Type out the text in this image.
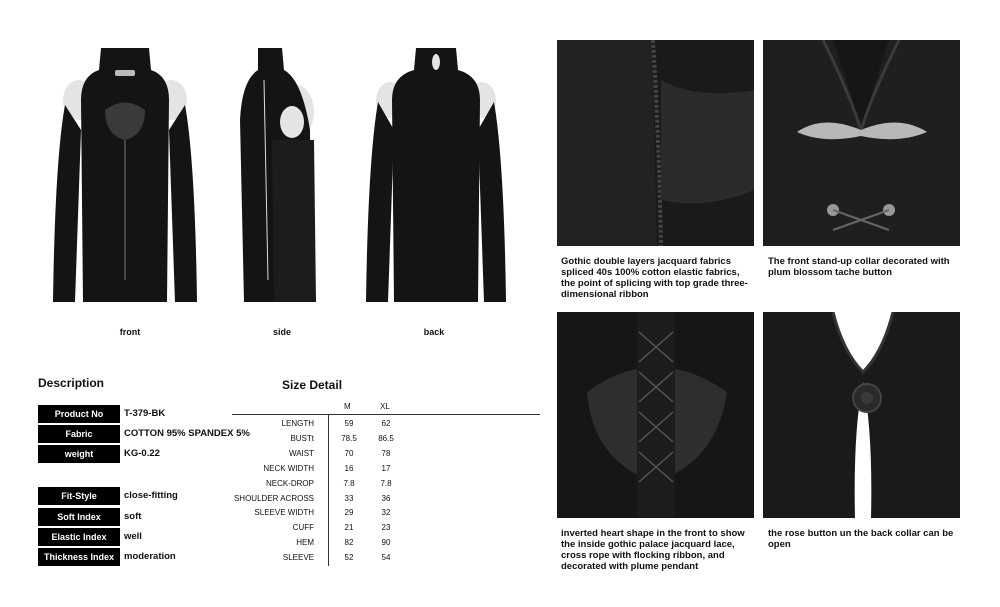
front	side	back
Description
Product No	T-379-BK
Fabric	COTTON 95% SPANDEX 5%
weight	KG-0.22
Fit-Style	close-fitting
Soft Index	soft
Elastic Index	well
Thickness Index	moderation
Size Detail
M	XL
LENGTH	59	62
BUSTt	78.5	86.5
WAIST	70	78
NECK WIDTH	16	17
NECK-DROP	7.8	7.8
SHOULDER ACROSS	33	36
SLEEVE WIDTH	29	32
CUFF	21	23
HEM	82	90
SLEEVE	52	54
Gothic double layers jacquard fabrics spliced 40s 100% cotton elastic fabrics, the point of splicing with top grade three-dimensional ribbon
The front stand-up collar decorated with plum blossom tache button
inverted heart shape in the front to show the inside gothic palace jacquard lace, cross rope with flocking ribbon, and decorated with plume pendant
the rose button un the back collar can be open
